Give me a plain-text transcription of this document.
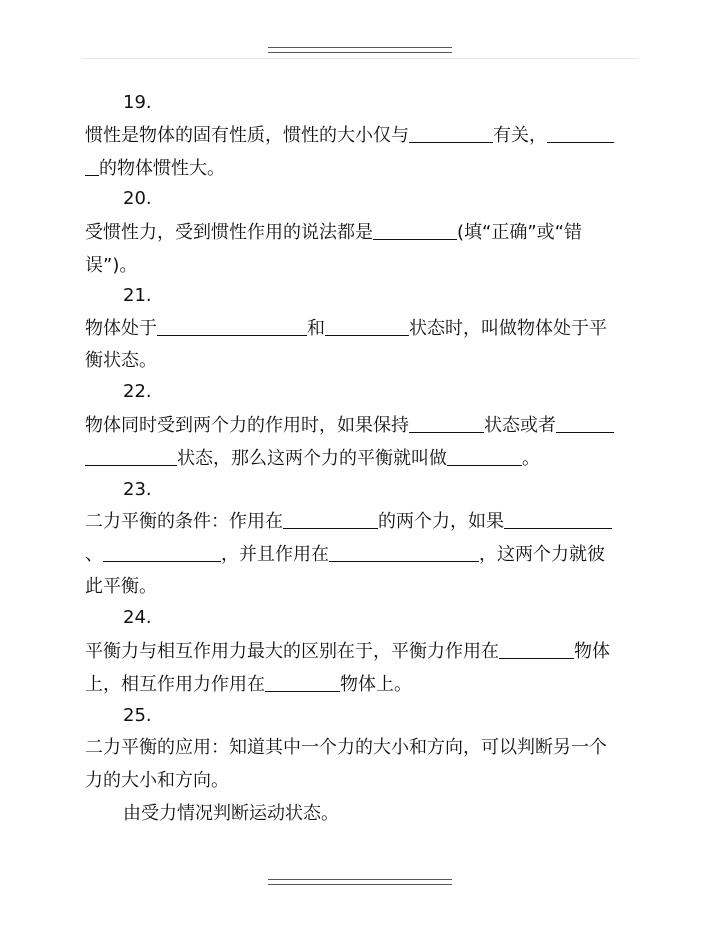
19.
惯性是物体的固有性质，惯性的大小仅与	有关，
的物体惯性大。
20.
受惯性力，受到惯性作用的说法都是	(填“正确”或“错
误”)。
21.
物体处于	和	状态时，叫做物体处于平
衡状态。
22.
物体同时受到两个力的作用时，如果保持	状态或者
状态，那么这两个力的平衡就叫做	。
23.
二力平衡的条件：作用在	的两个力，如果
、	，并且作用在	，这两个力就彼
此平衡。
24.
平衡力与相互作用力最大的区别在于，平衡力作用在	物体
上，相互作用力作用在	物体上。
25.
二力平衡的应用：知道其中一个力的大小和方向，可以判断另一个
力的大小和方向。
由受力情况判断运动状态。
